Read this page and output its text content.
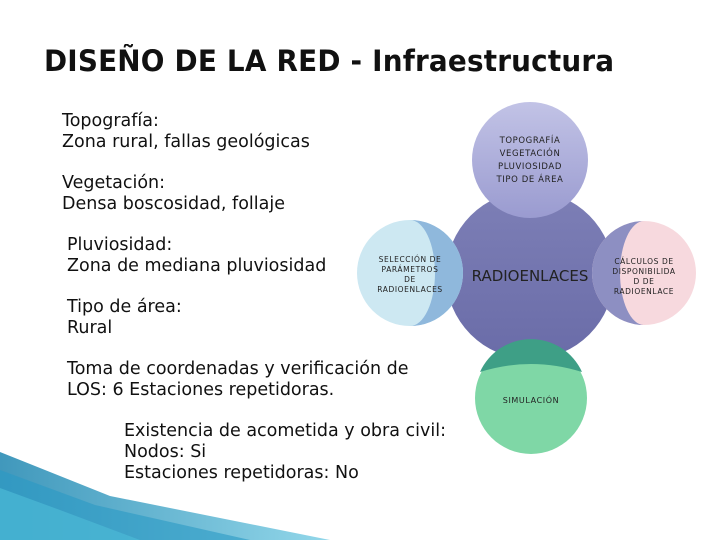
RADIOENLACES
TOPOGRAFÍA
VEGETACIÓN
PLUVIOSIDAD
TIPO DE ÁREA
SELECCIÓN DE
PARÁMETROS
DE
RADIOENLACES
CÁLCULOS DE
DISPONIBILIDA
D DE
RADIOENLACE
SIMULACIÓN
DISEÑO DE LA RED - Infraestructura
Topografía:
Zona rural, fallas geológicas
Vegetación:
Densa boscosidad, follaje
Pluviosidad:
Zona de mediana pluviosidad
Tipo de área:
Rural
Toma de coordenadas y verificación de
LOS: 6 Estaciones repetidoras.
Existencia de acometida y obra civil:
Nodos: Si
Estaciones repetidoras: No
